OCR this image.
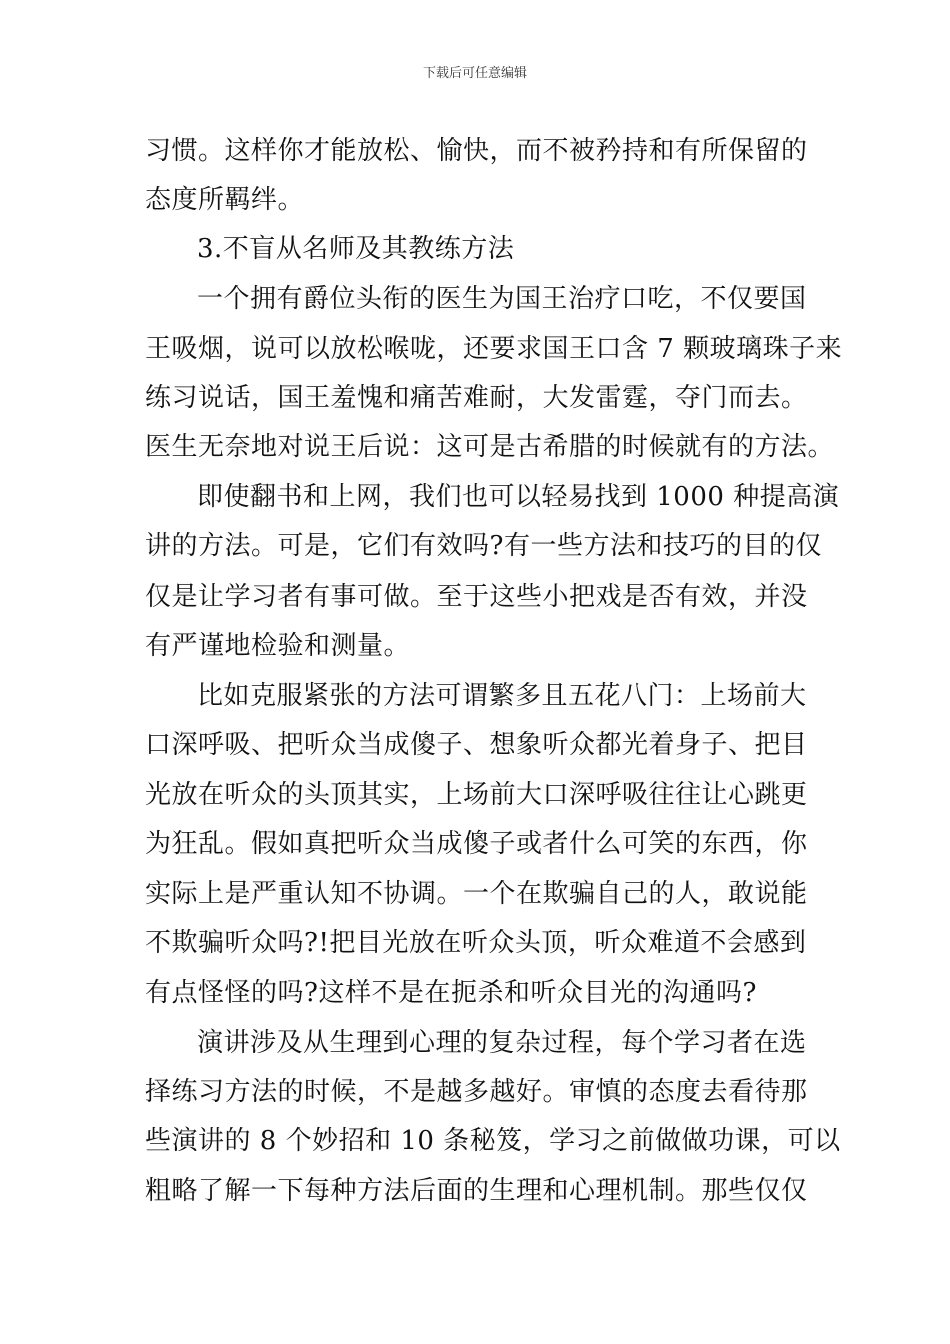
下载后可任意编辑
习惯。这样你才能放松、愉快，而不被矜持和有所保留的
态度所羁绊。
3.不盲从名师及其教练方法
一个拥有爵位头衔的医生为国王治疗口吃，不仅要国
王吸烟，说可以放松喉咙，还要求国王口含 7 颗玻璃珠子来
练习说话，国王羞愧和痛苦难耐，大发雷霆，夺门而去。
医生无奈地对说王后说：这可是古希腊的时候就有的方法。
即使翻书和上网，我们也可以轻易找到 1000 种提高演
讲的方法。可是，它们有效吗?有一些方法和技巧的目的仅
仅是让学习者有事可做。至于这些小把戏是否有效，并没
有严谨地检验和测量。
比如克服紧张的方法可谓繁多且五花八门：上场前大
口深呼吸、把听众当成傻子、想象听众都光着身子、把目
光放在听众的头顶其实，上场前大口深呼吸往往让心跳更
为狂乱。假如真把听众当成傻子或者什么可笑的东西，你
实际上是严重认知不协调。一个在欺骗自己的人，敢说能
不欺骗听众吗?!把目光放在听众头顶，听众难道不会感到
有点怪怪的吗?这样不是在扼杀和听众目光的沟通吗?
演讲涉及从生理到心理的复杂过程，每个学习者在选
择练习方法的时候，不是越多越好。审慎的态度去看待那
些演讲的 8 个妙招和 10 条秘笈，学习之前做做功课，可以
粗略了解一下每种方法后面的生理和心理机制。那些仅仅
